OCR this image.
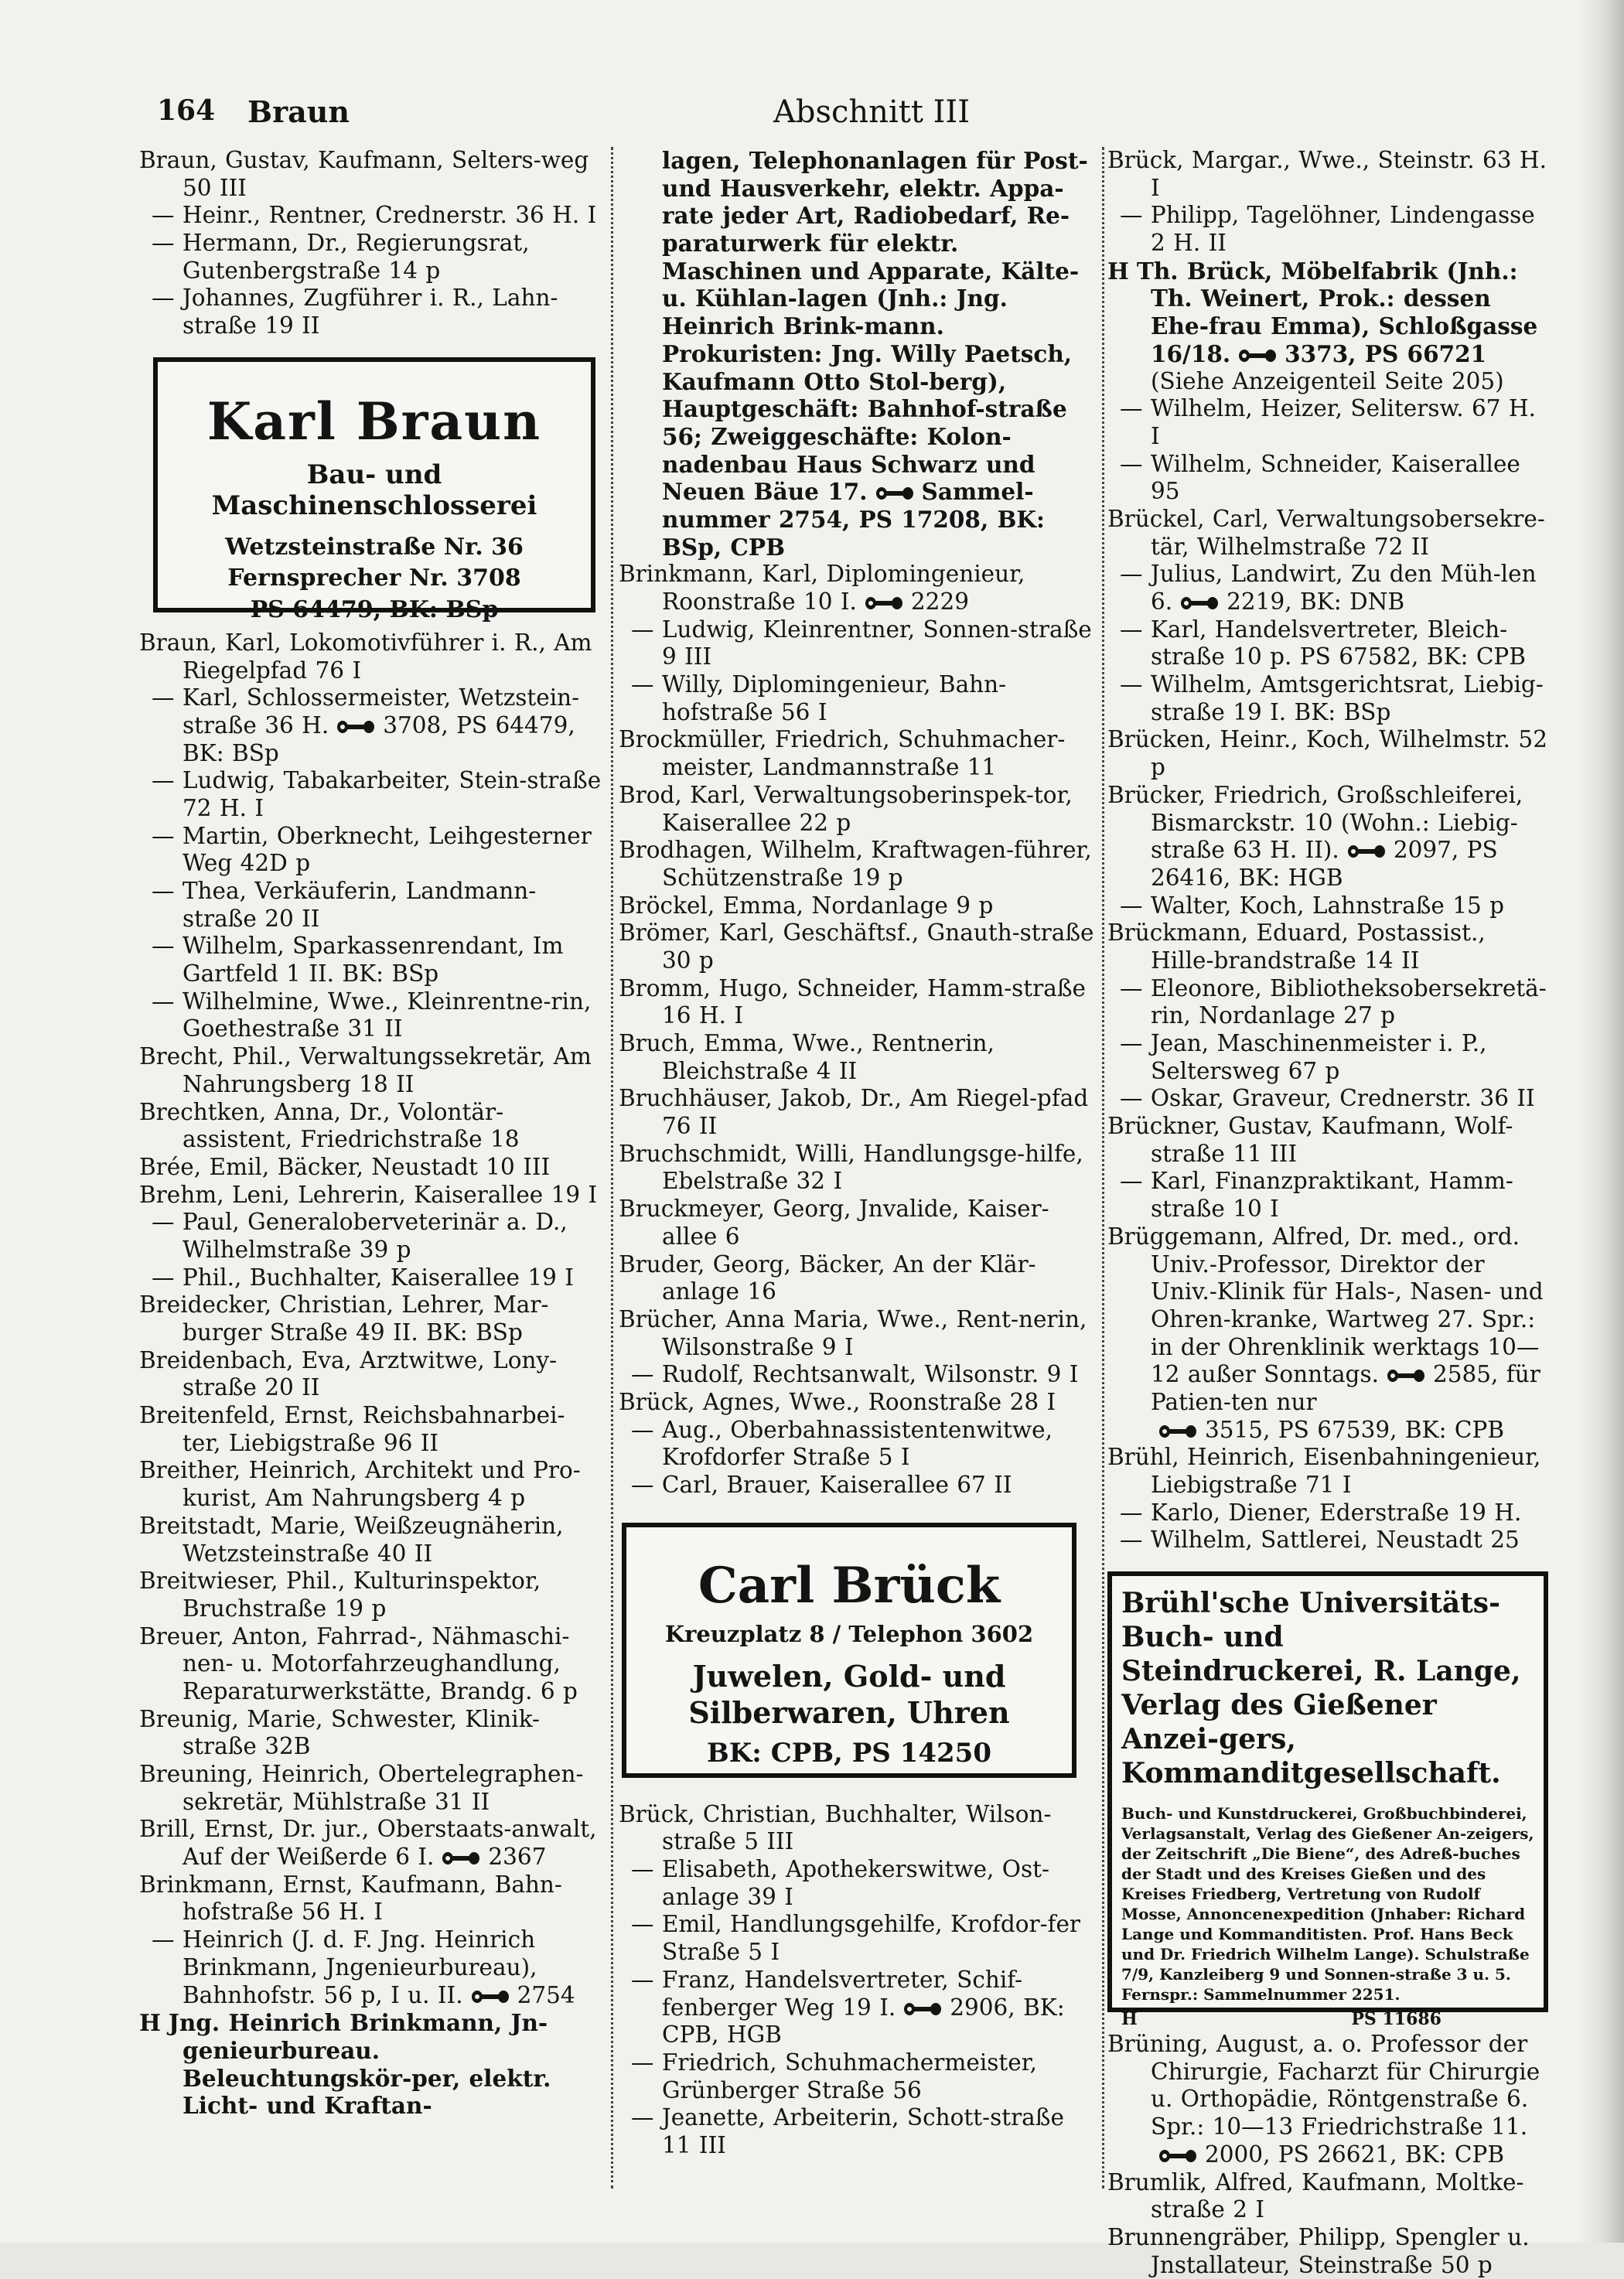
164 Braun	Abschnitt III
Braun, Gustav, Kaufmann, Selters-weg 50 III
— Heinr., Rentner, Crednerstr. 36 H. I
— Hermann, Dr., Regierungsrat, Gutenbergstraße 14 p
— Johannes, Zugführer i. R., Lahn-straße 19 II
Karl Braun
Bau- und Maschinenschlosserei
Wetzsteinstraße Nr. 36
Fernsprecher Nr. 3708
PS 64479, BK: BSp
Braun, Karl, Lokomotivführer i. R., Am Riegelpfad 76 I
— Karl, Schlossermeister, Wetzstein-straße 36 H. 3708, PS 64479, BK: BSp
— Ludwig, Tabakarbeiter, Stein-straße 72 H. I
— Martin, Oberknecht, Leihgesterner Weg 42D p
— Thea, Verkäuferin, Landmann-straße 20 II
— Wilhelm, Sparkassenrendant, Im Gartfeld 1 II. BK: BSp
— Wilhelmine, Wwe., Kleinrentne-rin, Goethestraße 31 II
Brecht, Phil., Verwaltungssekretär, Am Nahrungsberg 18 II
Brechtken, Anna, Dr., Volontär-assistent, Friedrichstraße 18
Brée, Emil, Bäcker, Neustadt 10 III
Brehm, Leni, Lehrerin, Kaiserallee 19 I
— Paul, Generaloberveterinär a. D., Wilhelmstraße 39 p
— Phil., Buchhalter, Kaiserallee 19 I
Breidecker, Christian, Lehrer, Mar-burger Straße 49 II. BK: BSp
Breidenbach, Eva, Arztwitwe, Lony-straße 20 II
Breitenfeld, Ernst, Reichsbahnarbei-ter, Liebigstraße 96 II
Breither, Heinrich, Architekt und Pro-kurist, Am Nahrungsberg 4 p
Breitstadt, Marie, Weißzeugnäherin, Wetzsteinstraße 40 II
Breitwieser, Phil., Kulturinspektor, Bruchstraße 19 p
Breuer, Anton, Fahrrad-, Nähmaschi-nen- u. Motorfahrzeughandlung, Reparaturwerkstätte, Brandg. 6 p
Breunig, Marie, Schwester, Klinik-straße 32B
Breuning, Heinrich, Obertelegraphen-sekretär, Mühlstraße 31 II
Brill, Ernst, Dr. jur., Oberstaats-anwalt, Auf der Weißerde 6 I. 2367
Brinkmann, Ernst, Kaufmann, Bahn-hofstraße 56 H. I
— Heinrich (J. d. F. Jng. Heinrich Brinkmann, Jngenieurbureau), Bahnhofstr. 56 p, I u. II. 2754
H Jng. Heinrich Brinkmann, Jn-genieurbureau. Beleuchtungskör-per, elektr. Licht- und Kraftan-
lagen, Telephonanlagen für Post- und Hausverkehr, elektr. Appa-rate jeder Art, Radiobedarf, Re-paraturwerk für elektr. Maschinen und Apparate, Kälte- u. Kühlan-lagen (Jnh.: Jng. Heinrich Brink-mann. Prokuristen: Jng. Willy Paetsch, Kaufmann Otto Stol-berg), Hauptgeschäft: Bahnhof-straße 56; Zweiggeschäfte: Kolon-nadenbau Haus Schwarz und Neuen Bäue 17. Sammel-nummer 2754, PS 17208, BK: BSp, CPB
Brinkmann, Karl, Diplomingenieur, Roonstraße 10 I. 2229
— Ludwig, Kleinrentner, Sonnen-straße 9 III
— Willy, Diplomingenieur, Bahn-hofstraße 56 I
Brockmüller, Friedrich, Schuhmacher-meister, Landmannstraße 11
Brod, Karl, Verwaltungsoberinspek-tor, Kaiserallee 22 p
Brodhagen, Wilhelm, Kraftwagen-führer, Schützenstraße 19 p
Bröckel, Emma, Nordanlage 9 p
Brömer, Karl, Geschäftsf., Gnauth-straße 30 p
Bromm, Hugo, Schneider, Hamm-straße 16 H. I
Bruch, Emma, Wwe., Rentnerin, Bleichstraße 4 II
Bruchhäuser, Jakob, Dr., Am Riegel-pfad 76 II
Bruchschmidt, Willi, Handlungsge-hilfe, Ebelstraße 32 I
Bruckmeyer, Georg, Jnvalide, Kaiser-allee 6
Bruder, Georg, Bäcker, An der Klär-anlage 16
Brücher, Anna Maria, Wwe., Rent-nerin, Wilsonstraße 9 I
— Rudolf, Rechtsanwalt, Wilsonstr. 9 I
Brück, Agnes, Wwe., Roonstraße 28 I
— Aug., Oberbahnassistentenwitwe, Krofdorfer Straße 5 I
— Carl, Brauer, Kaiserallee 67 II
Carl Brück
Kreuzplatz 8 / Telephon 3602
Juwelen, Gold- und
Silberwaren, Uhren
BK: CPB, PS 14250
Brück, Christian, Buchhalter, Wilson-straße 5 III
— Elisabeth, Apothekerswitwe, Ost-anlage 39 I
— Emil, Handlungsgehilfe, Krofdor-fer Straße 5 I
— Franz, Handelsvertreter, Schif-fenberger Weg 19 I. 2906, BK: CPB, HGB
— Friedrich, Schuhmachermeister, Grünberger Straße 56
— Jeanette, Arbeiterin, Schott-straße 11 III
Brück, Margar., Wwe., Steinstr. 63 H. I
— Philipp, Tagelöhner, Lindengasse 2 H. II
H Th. Brück, Möbelfabrik (Jnh.: Th. Weinert, Prok.: dessen Ehe-frau Emma), Schloßgasse 16/18. 3373, PS 66721
(Siehe Anzeigenteil Seite 205)
— Wilhelm, Heizer, Selitersw. 67 H. I
— Wilhelm, Schneider, Kaiserallee 95
Brückel, Carl, Verwaltungsobersekre-tär, Wilhelmstraße 72 II
— Julius, Landwirt, Zu den Müh-len 6. 2219, BK: DNB
— Karl, Handelsvertreter, Bleich-straße 10 p. PS 67582, BK: CPB
— Wilhelm, Amtsgerichtsrat, Liebig-straße 19 I. BK: BSp
Brücken, Heinr., Koch, Wilhelmstr. 52 p
Brücker, Friedrich, Großschleiferei, Bismarckstr. 10 (Wohn.: Liebig-straße 63 H. II). 2097, PS 26416, BK: HGB
— Walter, Koch, Lahnstraße 15 p
Brückmann, Eduard, Postassist., Hille-brandstraße 14 II
— Eleonore, Bibliotheksobersekretä-rin, Nordanlage 27 p
— Jean, Maschinenmeister i. P., Seltersweg 67 p
— Oskar, Graveur, Crednerstr. 36 II
Brückner, Gustav, Kaufmann, Wolf-straße 11 III
— Karl, Finanzpraktikant, Hamm-straße 10 I
Brüggemann, Alfred, Dr. med., ord. Univ.-Professor, Direktor der Univ.-Klinik für Hals-, Nasen- und Ohren-kranke, Wartweg 27. Spr.: in der Ohrenklinik werktags 10—12 außer Sonntags. 2585, für Patien-ten nur
3515, PS 67539, BK: CPB
Brühl, Heinrich, Eisenbahningenieur, Liebigstraße 71 I
— Karlo, Diener, Ederstraße 19 H.
— Wilhelm, Sattlerei, Neustadt 25
Brühl'sche Universitäts-Buch- und Steindruckerei, R. Lange, Verlag des Gießener Anzei-gers, Kommanditgesellschaft.
Buch- und Kunstdruckerei, Großbuchbinderei, Verlagsanstalt, Verlag des Gießener An-zeigers, der Zeitschrift „Die Biene“, des Adreß-buches der Stadt und des Kreises Gießen und des Kreises Friedberg, Vertretung von Rudolf Mosse, Annoncenexpedition (Jnhaber: Richard Lange und Kommanditisten. Prof. Hans Beck und Dr. Friedrich Wilhelm Lange). Schulstraße 7/9, Kanzleiberg 9 und Sonnen-straße 3 u. 5. Fernspr.: Sammelnummer 2251.
H	PS 11686
Brüning, August, a. o. Professor der Chirurgie, Facharzt für Chirurgie u. Orthopädie, Röntgenstraße 6. Spr.: 10—13 Friedrichstraße 11.2000, PS 26621, BK: CPB
Brumlik, Alfred, Kaufmann, Moltke-straße 2 I
Brunnengräber, Philipp, Spengler u. Jnstallateur, Steinstraße 50 p
